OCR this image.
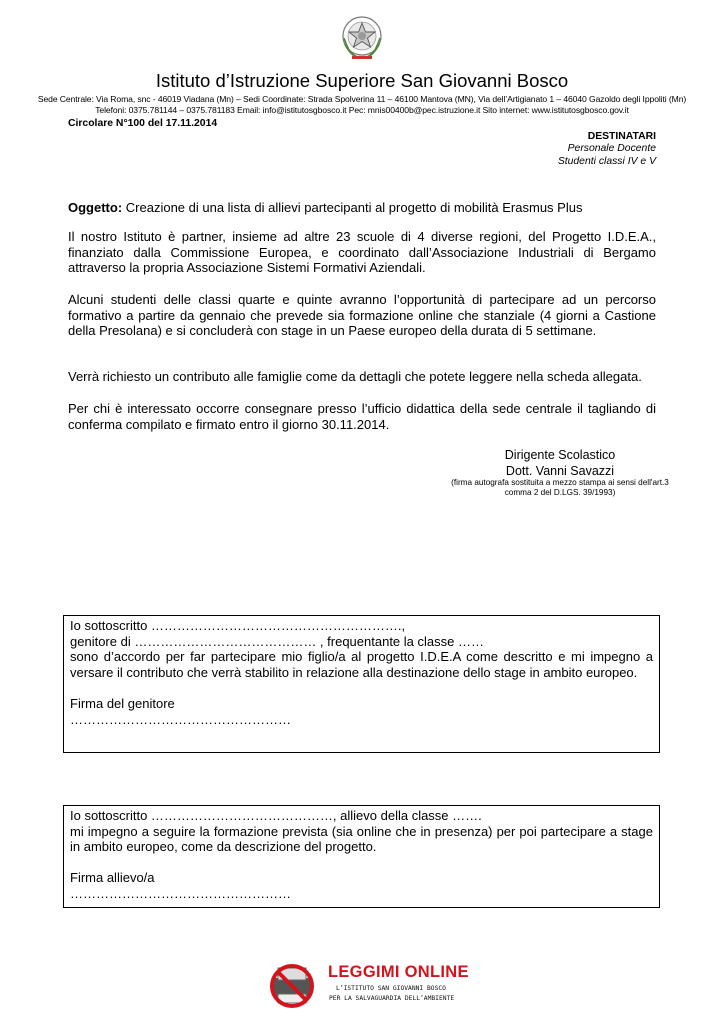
Istituto d’Istruzione Superiore San Giovanni Bosco
Sede Centrale: Via Roma, snc - 46019 Viadana (Mn) – Sedi Coordinate: Strada Spolverina 11 – 46100 Mantova (MN), Via dell’Artigianato 1 – 46040 Gazoldo degli Ippoliti (Mn)
Telefoni: 0375.781144 – 0375.781183 Email: info@istitutosgbosco.it Pec: mnis00400b@pec.istruzione.it Sito internet: www.istitutosgbosco.gov.it
Circolare N°100 del 17.11.2014
DESTINATARI
Personale Docente
Studenti classi IV e V
Oggetto: Creazione di una lista di allievi partecipanti al progetto di mobilità Erasmus Plus

Il nostro Istituto è partner, insieme ad altre 23 scuole di 4 diverse regioni, del Progetto I.D.E.A., finanziato dalla Commissione Europea, e coordinato dall’Associazione Industriali di Bergamo attraverso la propria Associazione Sistemi Formativi Aziendali.

Alcuni studenti delle classi quarte e quinte avranno l’opportunità di partecipare ad un percorso formativo a partire da gennaio che prevede sia formazione online che stanziale (4 giorni a Castione della Presolana) e si concluderà con stage in un Paese europeo della durata di 5 settimane.

Verrà richiesto un contributo alle famiglie come da dettagli che potete leggere nella scheda allegata.

Per chi è interessato occorre consegnare presso l’ufficio didattica della sede centrale il tagliando di conferma compilato e firmato entro il giorno 30.11.2014.

Dirigente Scolastico
Dott. Vanni Savazzi
(firma autografa sostituita a mezzo stampa ai sensi dell'art.3 comma 2 del D.LGS. 39/1993)

Io sottoscritto ………………………………………………….,

genitore di …………………………………… , frequentante la classe ……

sono d’accordo per far partecipare mio figlio/a al progetto I.D.E.A come descritto e mi impegno a versare il contributo che verrà stabilito in relazione alla destinazione dello stage in ambito europeo.

Firma del genitore

……………………………………………

Io sottoscritto ……………………………………, allievo della classe …….

mi impegno a seguire la formazione prevista (sia online che in presenza) per poi partecipare a stage in ambito europeo, come da descrizione del progetto.

Firma allievo/a

……………………………………………

LEGGIMI ONLINE
L’ISTITUTO SAN GIOVANNI BOSCO
PER LA SALVAGUARDIA DELL’AMBIENTE
